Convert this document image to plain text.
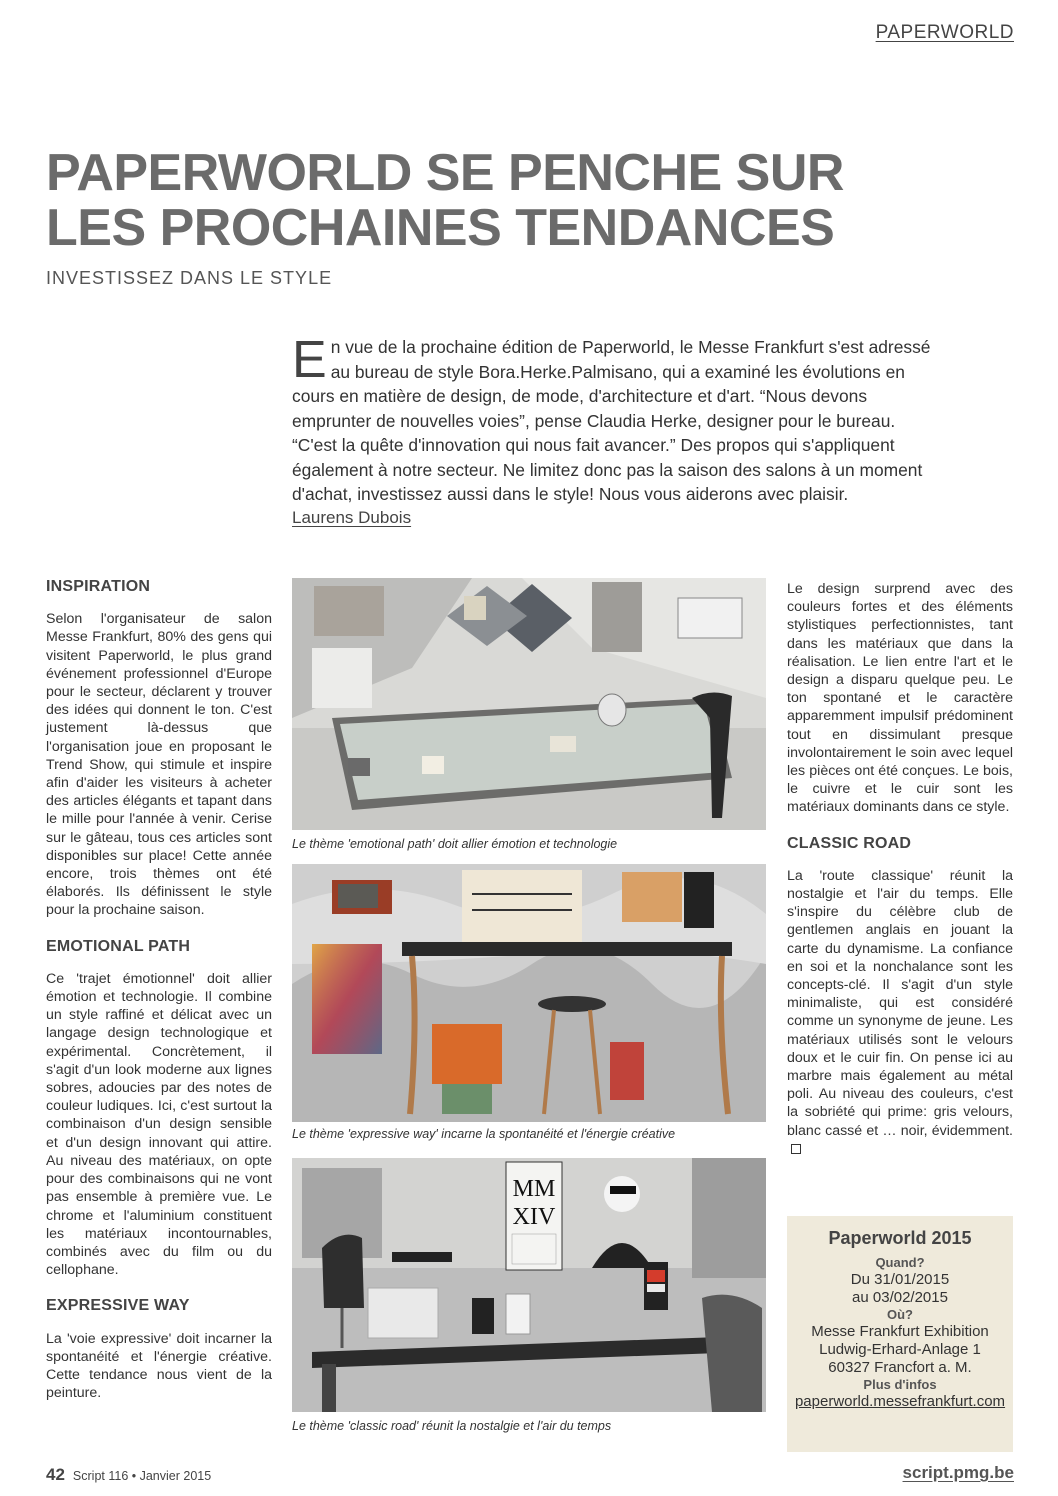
PAPERWORLD
PAPERWORLD SE PENCHE SUR
LES PROCHAINES TENDANCES
INVESTISSEZ DANS LE STYLE
En vue de la prochaine édition de Paperworld, le Messe Frankfurt s'est adressé au bureau de style Bora.Herke.Palmisano, qui a examiné les évolutions en cours en matière de design, de mode, d'architecture et d'art. “Nous devons emprunter de nouvelles voies”, pense Claudia Herke, designer pour le bureau. “C'est la quête d'innovation qui nous fait avancer.” Des propos qui s'appliquent également à notre secteur. Ne limitez donc pas la saison des salons à un moment d'achat, investissez aussi dans le style! Nous vous aiderons avec plaisir.
Laurens Dubois
INSPIRATION

Selon l'organisateur de salon Messe Frankfurt, 80% des gens qui visitent Paperworld, le plus grand événement professionnel d'Europe pour le secteur, déclarent y trouver des idées qui donnent le ton. C'est justement là-dessus que l'organisation joue en proposant le Trend Show, qui stimule et inspire afin d'aider les visiteurs à acheter des articles élégants et tapant dans le mille pour l'année à venir. Cerise sur le gâteau, tous ces articles sont disponibles sur place! Cette année encore, trois thèmes ont été élaborés. Ils définissent le style pour la prochaine saison.

EMOTIONAL PATH

Ce 'trajet émotionnel' doit allier émotion et technologie. Il combine un style raffiné et délicat avec un langage design technologique et expérimental. Concrètement, il s'agit d'un look moderne aux lignes sobres, adoucies par des notes de couleur ludiques. Ici, c'est surtout la combinaison d'un design sensible et d'un design innovant qui attire. Au niveau des matériaux, on opte pour des combinaisons qui ne vont pas ensemble à première vue. Le chrome et l'aluminium constituent les matériaux incontournables, combinés avec du film ou du cellophane.

EXPRESSIVE WAY

La 'voie expressive' doit incarner la spontanéité et l'énergie créative. Cette tendance nous vient de la peinture.

Le thème 'emotional path' doit allier émotion et technologie
Le thème 'expressive way' incarne la spontanéité et l'énergie créative
MM
XIV
Le thème 'classic road' réunit la nostalgie et l'air du temps

Le design surprend avec des couleurs fortes et des éléments stylistiques perfectionnistes, tant dans les matériaux que dans la réalisation. Le lien entre l'art et le design a disparu quelque peu. Le ton spontané et le caractère apparemment impulsif prédominent tout en dissimulant presque involontairement le soin avec lequel les pièces ont été conçues. Le bois, le cuivre et le cuir sont les matériaux dominants dans ce style.

CLASSIC ROAD

La 'route classique' réunit la nostalgie et l'air du temps. Elle s'inspire du célèbre club de gentlemen anglais en jouant la carte du dynamisme. La confiance en soi et la nonchalance sont les concepts-clé. Il s'agit d'un style minimaliste, qui est considéré comme un synonyme de jeune. Les matériaux utilisés sont le velours doux et le cuir fin. On pense ici au marbre mais également au métal poli. Au niveau des couleurs, c'est la sobriété qui prime: gris velours, blanc cassé et … noir, évidemment.

Paperworld 2015
Quand?
Du 31/01/2015
au 03/02/2015
Où?
Messe Frankfurt Exhibition
Ludwig-Erhard-Anlage 1
60327 Francfort a. M.
Plus d'infos
paperworld.messefrankfurt.com
42 Script 116 • Janvier 2015	script.pmg.be
